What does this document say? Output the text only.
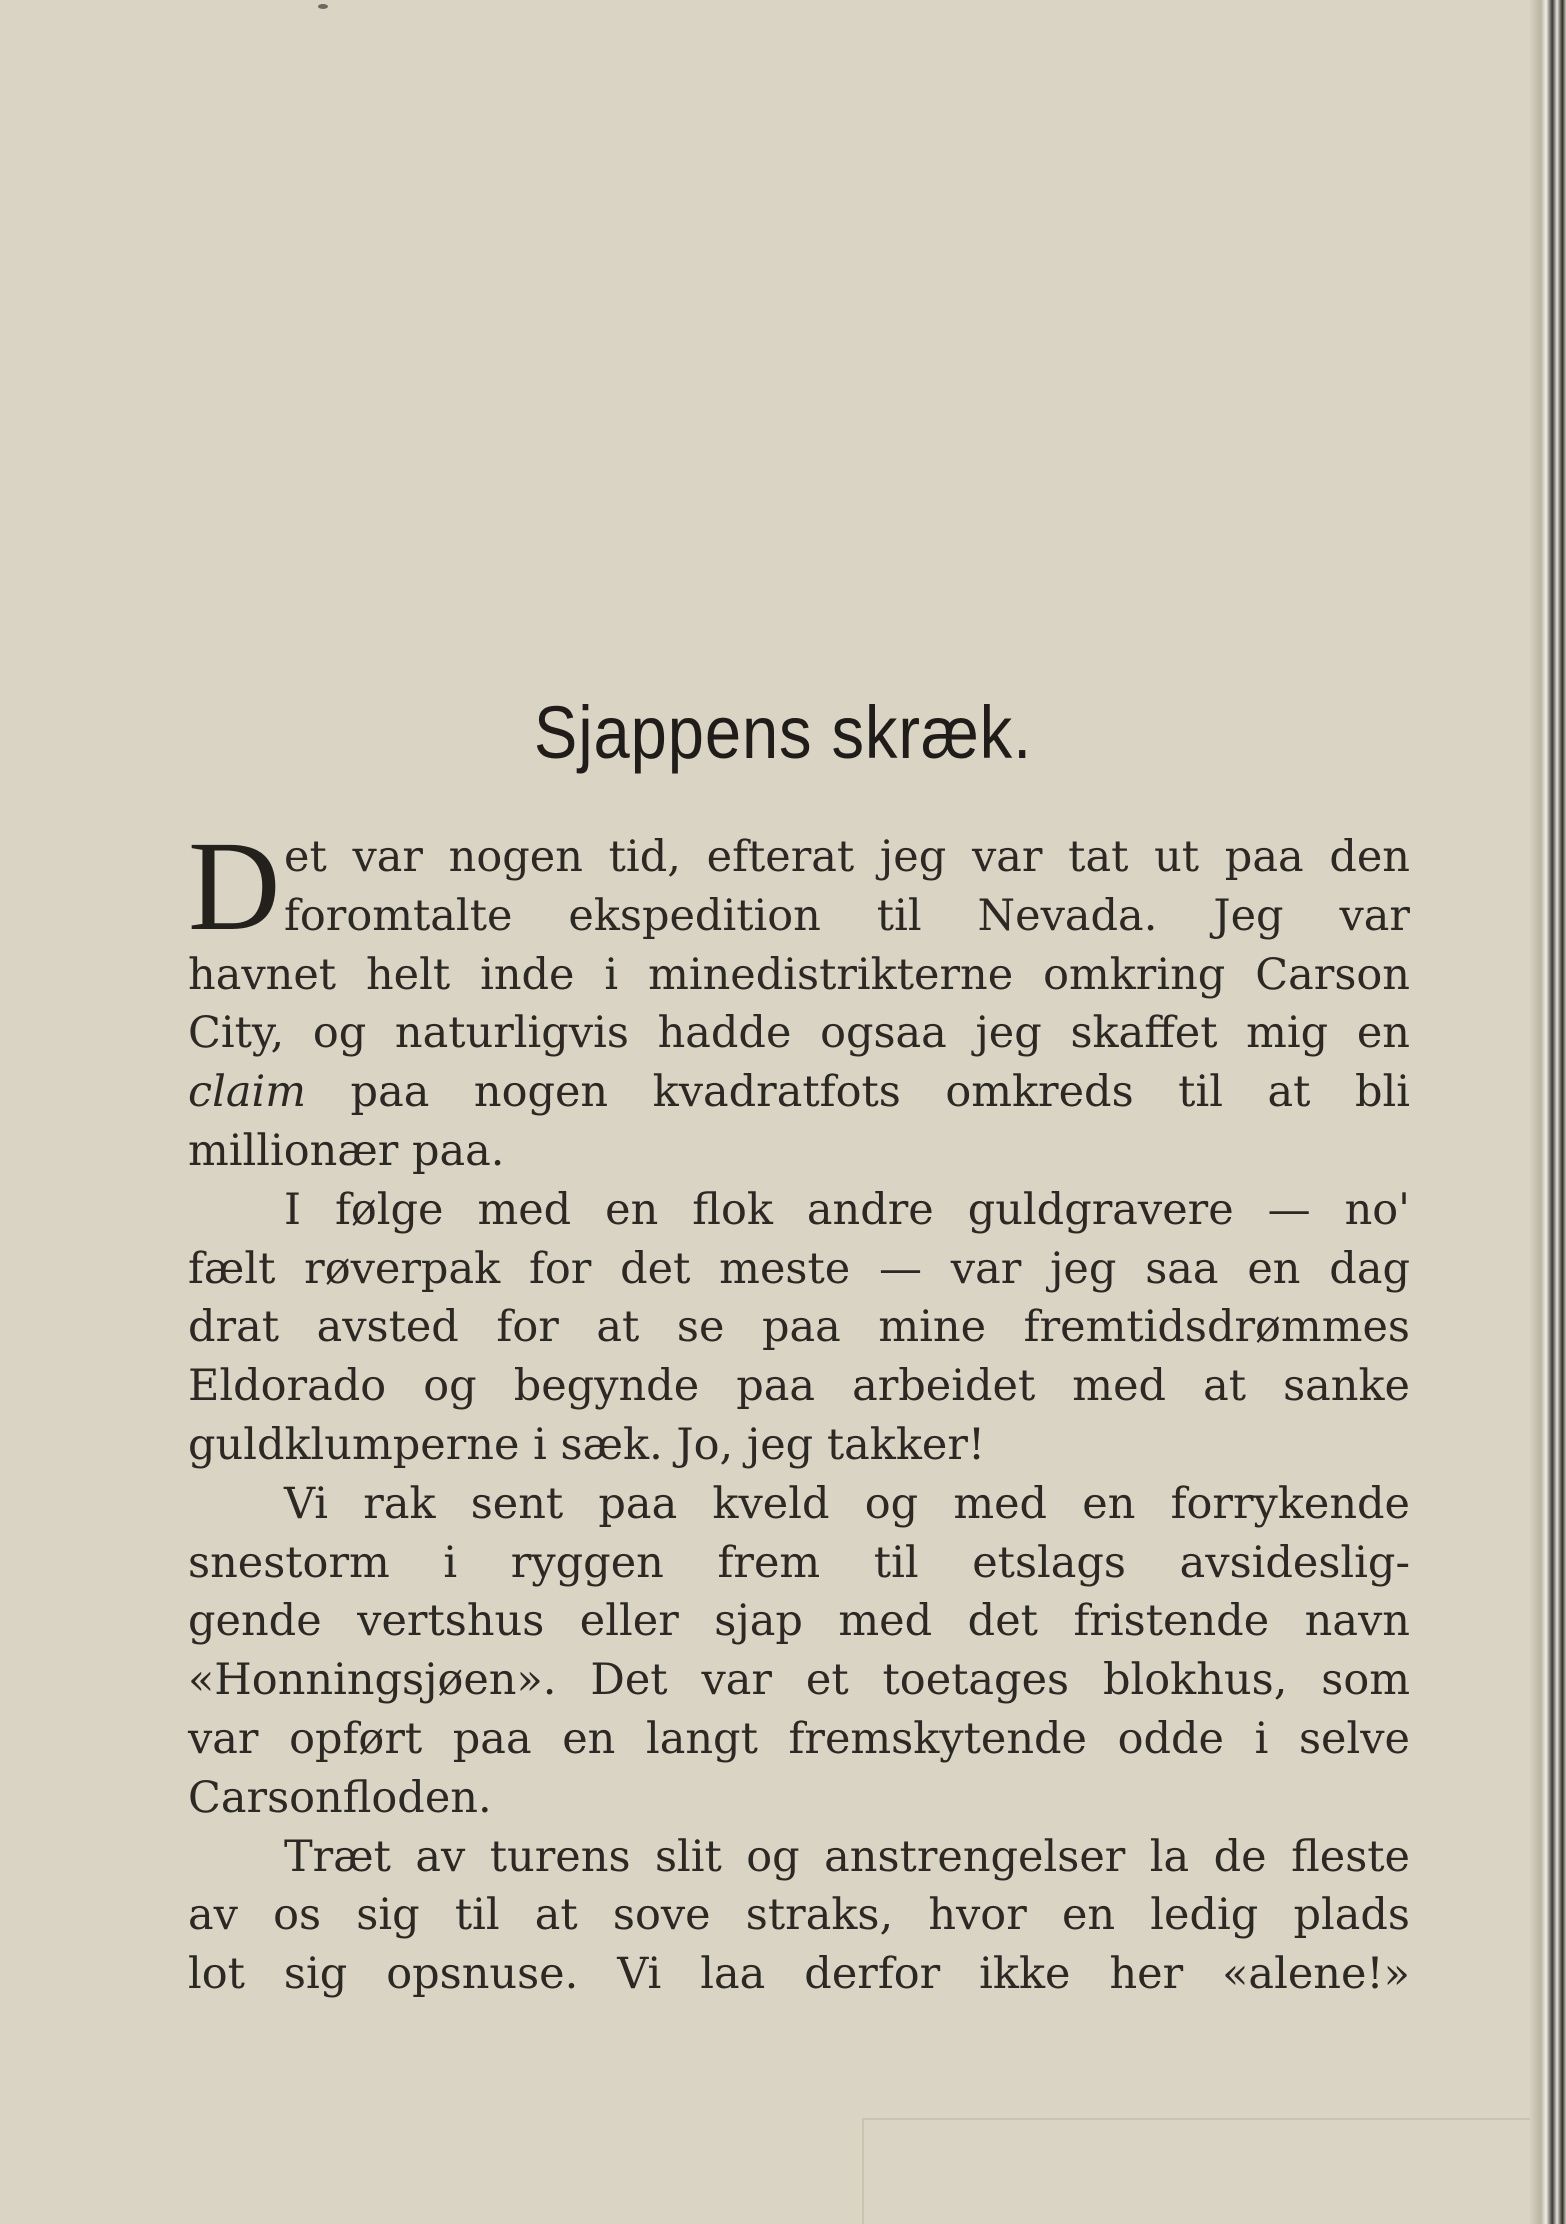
Sjappens skræk.
D et var nogen tid, efterat jeg var tat ut paa den
foromtalte ekspedition til Nevada. Jeg var
havnet helt inde i minedistrikterne omkring Carson
City, og naturligvis hadde ogsaa jeg skaffet mig en
claim paa nogen kvadratfots omkreds til at bli
millionær paa.
I følge med en flok andre guldgravere — no'
fælt røverpak for det meste — var jeg saa en dag
drat avsted for at se paa mine fremtidsdrømmes
Eldorado og begynde paa arbeidet med at sanke
guldklumperne i sæk. Jo, jeg takker!
Vi rak sent paa kveld og med en forrykende
snestorm i ryggen frem til etslags avsideslig-
gende vertshus eller sjap med det fristende navn
«Honningsjøen». Det var et toetages blokhus, som
var opført paa en langt fremskytende odde i selve
Carsonfloden.
Træt av turens slit og anstrengelser la de fleste
av os sig til at sove straks, hvor en ledig plads
lot sig opsnuse. Vi laa derfor ikke her «alene!»
